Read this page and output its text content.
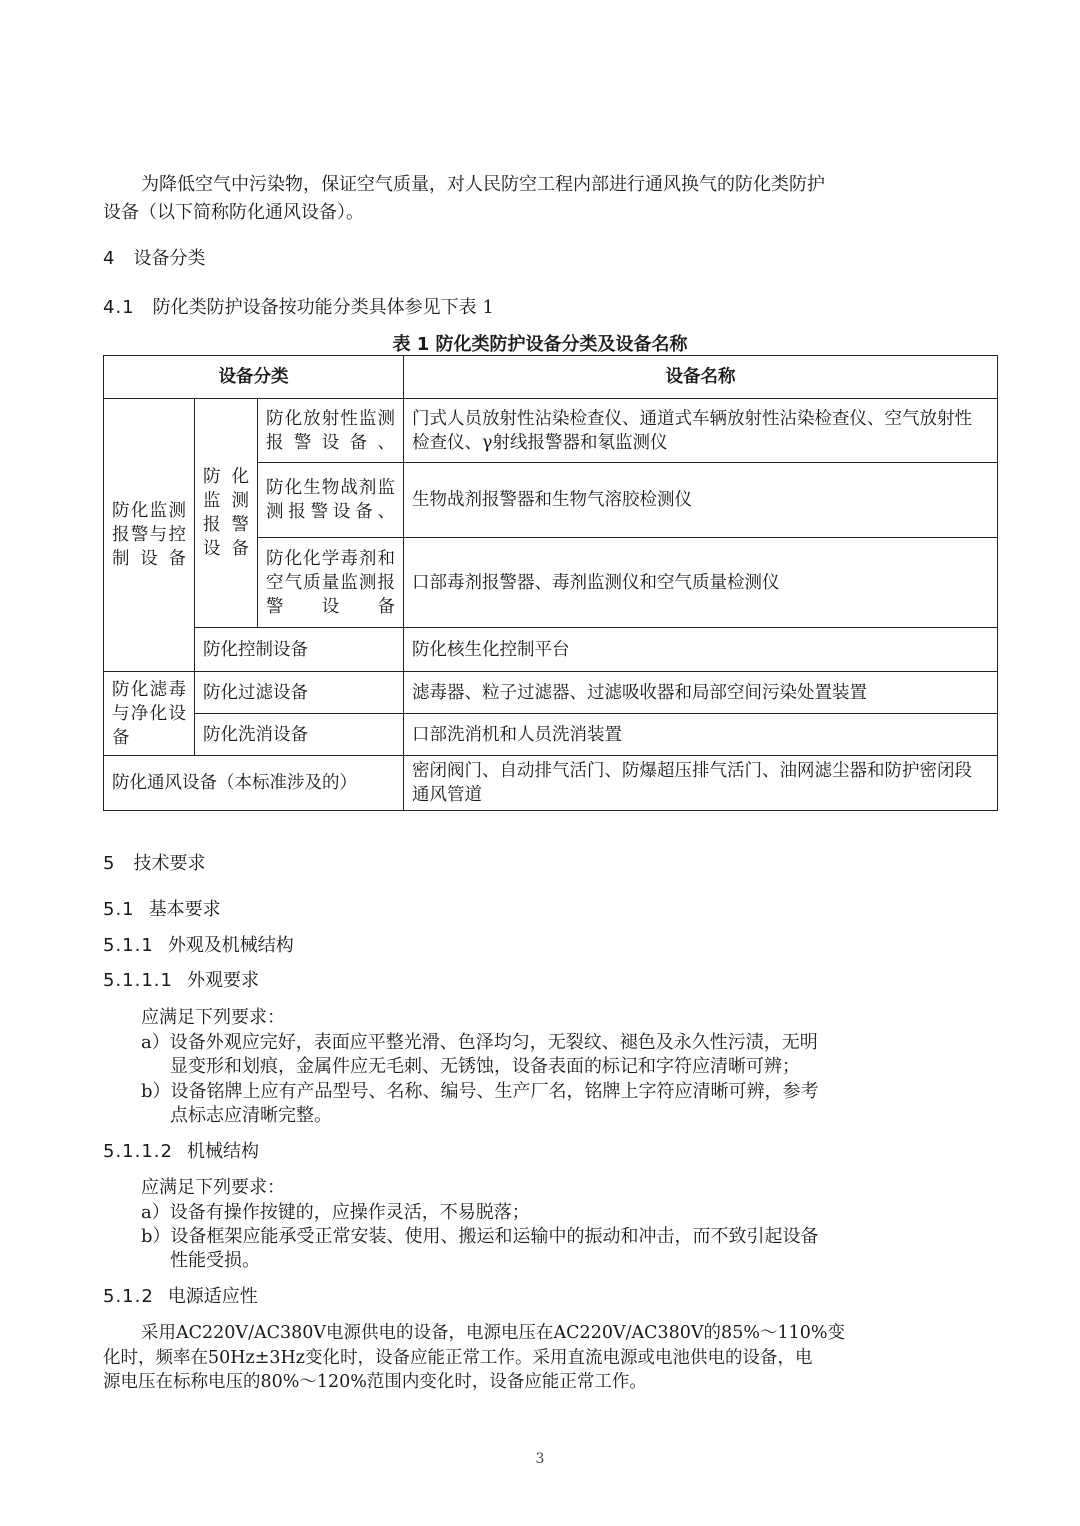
为降低空气中污染物，保证空气质量，对人民防空工程内部进行通风换气的防化类防护
设备（以下简称防化通风设备）。
4 设备分类
4.1 防化类防护设备按功能分类具体参见下表 1
表 1 防化类防护设备分类及设备名称
设备分类			设备名称
防化监测报警与控制设备	防化监测报警设备	防化放射性监测报警设备、	门式人员放射性沾染检查仪、通道式车辆放射性沾染检查仪、空气放射性检查仪、γ射线报警器和氡监测仪
		防化生物战剂监测报警设备、	生物战剂报警器和生物气溶胶检测仪
		防化化学毒剂和空气质量监测报警设备	口部毒剂报警器、毒剂监测仪和空气质量检测仪
	防化控制设备		防化核生化控制平台
防化滤毒与净化设备	防化过滤设备		滤毒器、粒子过滤器、过滤吸收器和局部空间污染处置装置
	防化洗消设备		口部洗消机和人员洗消装置
防化通风设备（本标准涉及的）			密闭阀门、自动排气活门、防爆超压排气活门、油网滤尘器和防护密闭段通风管道
5 技术要求
5.1 基本要求
5.1.1 外观及机械结构
5.1.1.1 外观要求
应满足下列要求：
a）设备外观应完好，表面应平整光滑、色泽均匀，无裂纹、褪色及永久性污渍，无明
显变形和划痕，金属件应无毛刺、无锈蚀，设备表面的标记和字符应清晰可辨；
b）设备铭牌上应有产品型号、名称、编号、生产厂名，铭牌上字符应清晰可辨，参考
点标志应清晰完整。
5.1.1.2 机械结构
应满足下列要求：
a）设备有操作按键的，应操作灵活，不易脱落；
b）设备框架应能承受正常安装、使用、搬运和运输中的振动和冲击，而不致引起设备
性能受损。
5.1.2 电源适应性
采用AC220V/AC380V电源供电的设备，电源电压在AC220V/AC380V的85%～110%变
化时，频率在50Hz±3Hz变化时，设备应能正常工作。采用直流电源或电池供电的设备，电
源电压在标称电压的80%～120%范围内变化时，设备应能正常工作。
3
